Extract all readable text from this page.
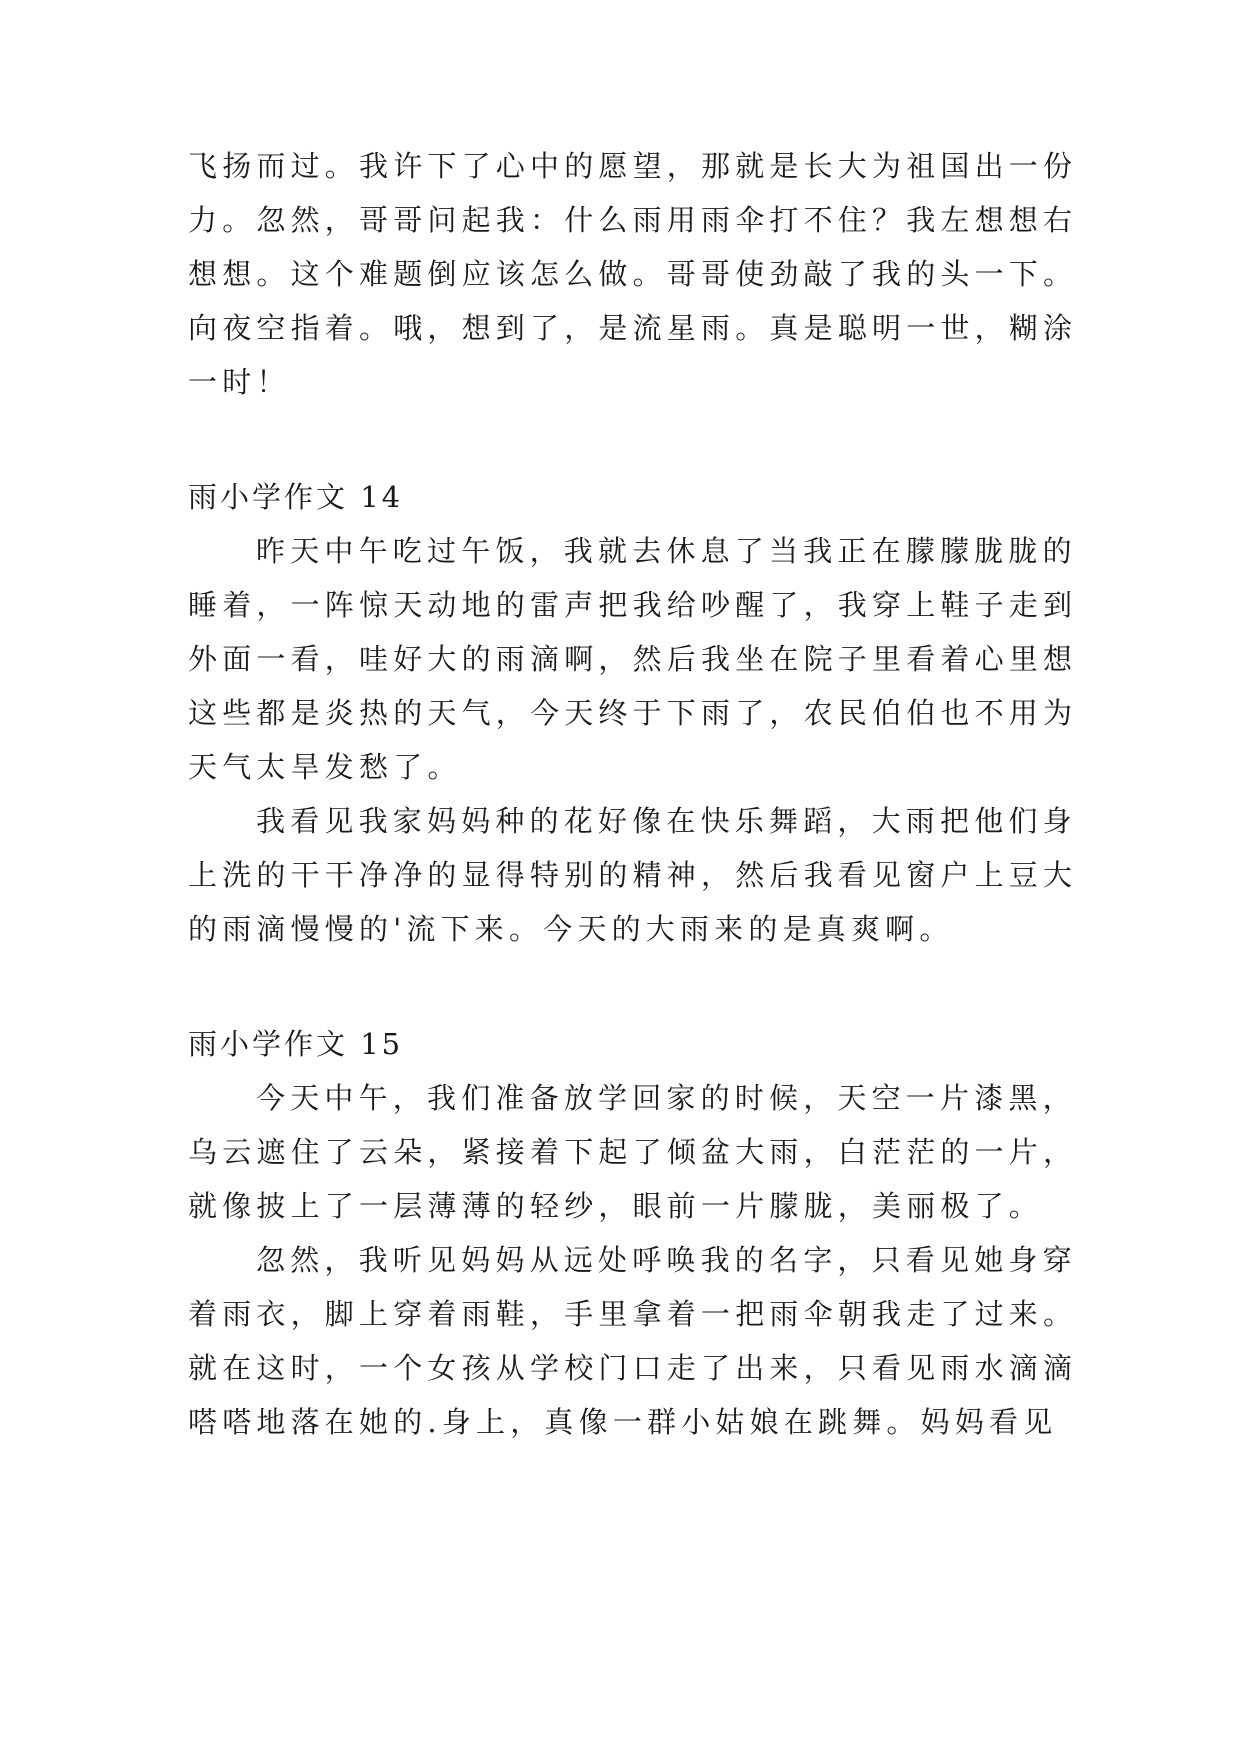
飞扬而过。我许下了心中的愿望，那就是长大为祖国出一份
力。忽然，哥哥问起我：什么雨用雨伞打不住？我左想想右
想想。这个难题倒应该怎么做。哥哥使劲敲了我的头一下。
向夜空指着。哦，想到了，是流星雨。真是聪明一世，糊涂
一时！
雨小学作文 14
昨天中午吃过午饭，我就去休息了当我正在朦朦胧胧的
睡着，一阵惊天动地的雷声把我给吵醒了，我穿上鞋子走到
外面一看，哇好大的雨滴啊，然后我坐在院子里看着心里想
这些都是炎热的天气，今天终于下雨了，农民伯伯也不用为
天气太旱发愁了。
我看见我家妈妈种的花好像在快乐舞蹈，大雨把他们身
上洗的干干净净的显得特别的精神，然后我看见窗户上豆大
的雨滴慢慢的'流下来。今天的大雨来的是真爽啊。
雨小学作文 15
今天中午，我们准备放学回家的时候，天空一片漆黑，
乌云遮住了云朵，紧接着下起了倾盆大雨，白茫茫的一片，
就像披上了一层薄薄的轻纱，眼前一片朦胧，美丽极了。
忽然，我听见妈妈从远处呼唤我的名字，只看见她身穿
着雨衣，脚上穿着雨鞋，手里拿着一把雨伞朝我走了过来。
就在这时，一个女孩从学校门口走了出来，只看见雨水滴滴
嗒嗒地落在她的.身上，真像一群小姑娘在跳舞。妈妈看见
